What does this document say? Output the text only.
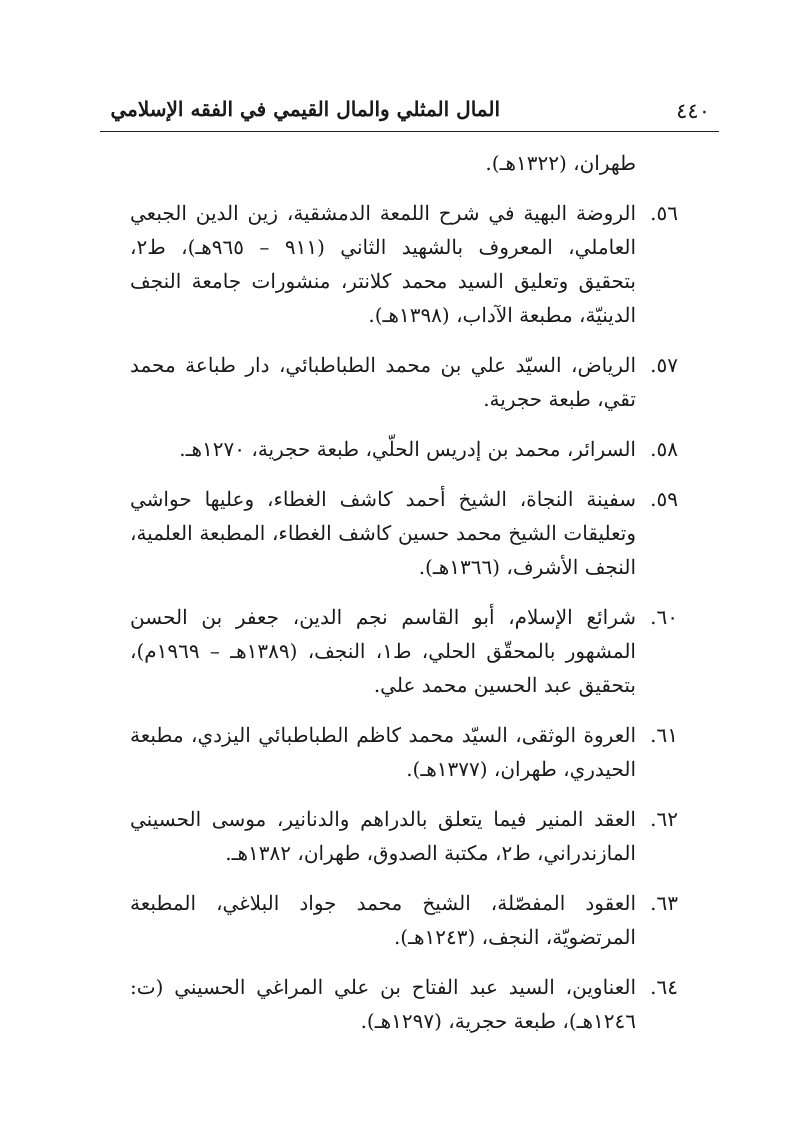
٤٤٠
المال المثلي والمال القيمي في الفقه الإسلامي

طهران، (١٣٢٢هـ).

٥٦.
الروضة البهية في شرح اللمعة الدمشقية، زين الدين الجبعي العاملي، المعروف بالشهيد الثاني (٩١١ – ٩٦٥هـ)، ط٢، بتحقيق وتعليق السيد محمد كلانتر، منشورات جامعة النجف الدينيّة، مطبعة الآداب، (١٣٩٨هـ).
٥٧.
الرياض، السيّد علي بن محمد الطباطبائي، دار طباعة محمد تقي، طبعة حجرية.
٥٨.
السرائر، محمد بن إدريس الحلّي، طبعة حجرية، ١٢٧٠هـ.
٥٩.
سفينة النجاة، الشيخ أحمد كاشف الغطاء، وعليها حواشي وتعليقات الشيخ محمد حسين كاشف الغطاء، المطبعة العلمية، النجف الأشرف، (١٣٦٦هـ).
٦٠.
شرائع الإسلام، أبو القاسم نجم الدين، جعفر بن الحسن المشهور بالمحقّق الحلي، ط١، النجف، (١٣٨٩هـ – ١٩٦٩م)، بتحقيق عبد الحسين محمد علي.
٦١.
العروة الوثقى، السيّد محمد كاظم الطباطبائي اليزدي، مطبعة الحيدري، طهران، (١٣٧٧هـ).
٦٢.
العقد المنير فيما يتعلق بالدراهم والدنانير، موسى الحسيني المازندراني، ط٢، مكتبة الصدوق، طهران، ١٣٨٢هـ.
٦٣.
العقود المفصّلة، الشيخ محمد جواد البلاغي، المطبعة المرتضويّة، النجف، (١٢٤٣هـ).
٦٤.
العناوين، السيد عبد الفتاح بن علي المراغي الحسيني (ت: ١٢٤٦هـ)، طبعة حجرية، (١٢٩٧هـ).
